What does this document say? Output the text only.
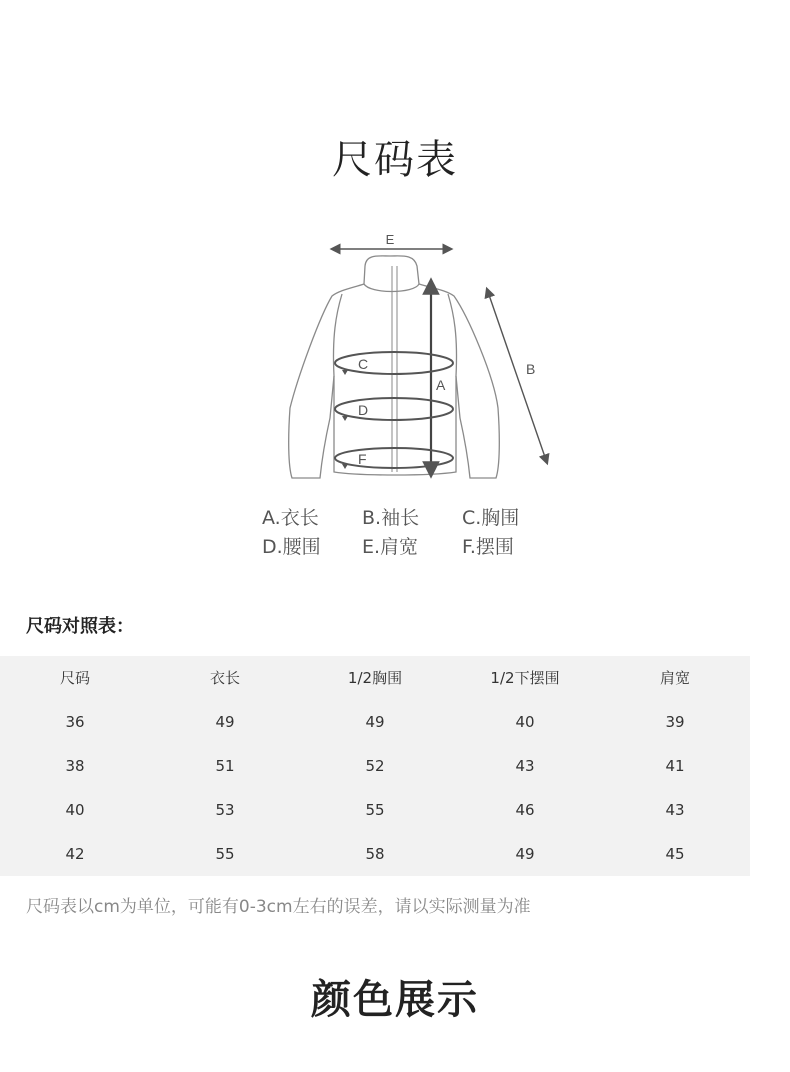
尺码表
E
A
B
C
D
F
A.衣长 B.袖长 C.胸围
D.腰围 E.肩宽 F.摆围
尺码对照表：
尺码	衣长	1/2胸围	1/2下摆围	肩宽
36	49	49	40	39
38	51	52	43	41
40	53	55	46	43
42	55	58	49	45
尺码表以cm为单位，可能有0-3cm左右的误差，请以实际测量为准
颜色展示
